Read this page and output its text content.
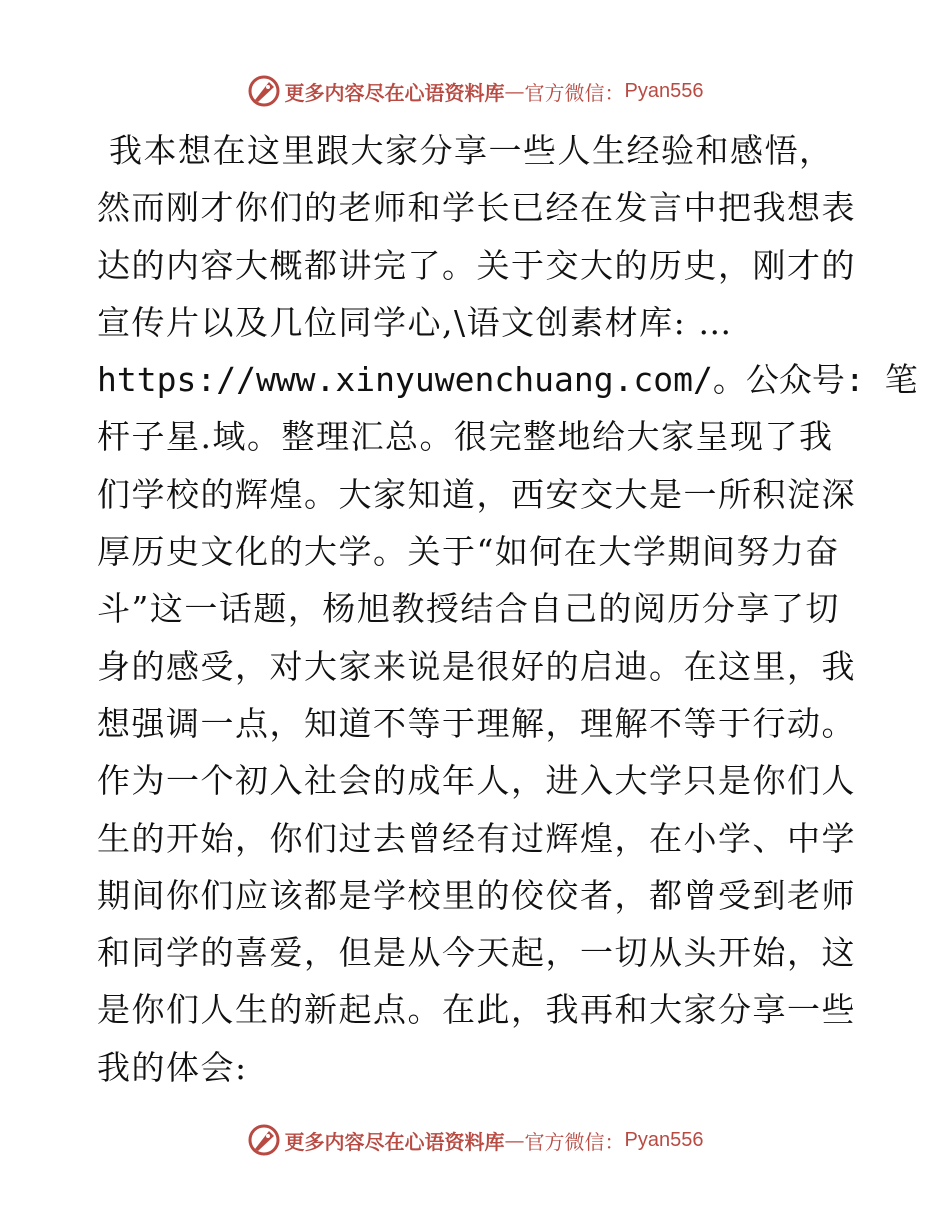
更多内容尽在心语资料库 — 官方微信： Pyan556
我本想在这里跟大家分享一些人生经验和感悟，
然而刚才你们的老师和学长已经在发言中把我想表
达的内容大概都讲完了。关于交大的历史，刚才的
宣传片以及几位同学心,\语文创素材库: …
https://www.xinyuwenchuang.com/。公众号: 笔
杆子星.域。整理汇总。很完整地给大家呈现了我
们学校的辉煌。大家知道，西安交大是一所积淀深
厚历史文化的大学。关于“如何在大学期间努力奋
斗”这一话题，杨旭教授结合自己的阅历分享了切
身的感受，对大家来说是很好的启迪。在这里，我
想强调一点，知道不等于理解，理解不等于行动。
作为一个初入社会的成年人，进入大学只是你们人
生的开始，你们过去曾经有过辉煌，在小学、中学
期间你们应该都是学校里的佼佼者，都曾受到老师
和同学的喜爱，但是从今天起，一切从头开始，这
是你们人生的新起点。在此，我再和大家分享一些
我的体会:
更多内容尽在心语资料库 — 官方微信： Pyan556
